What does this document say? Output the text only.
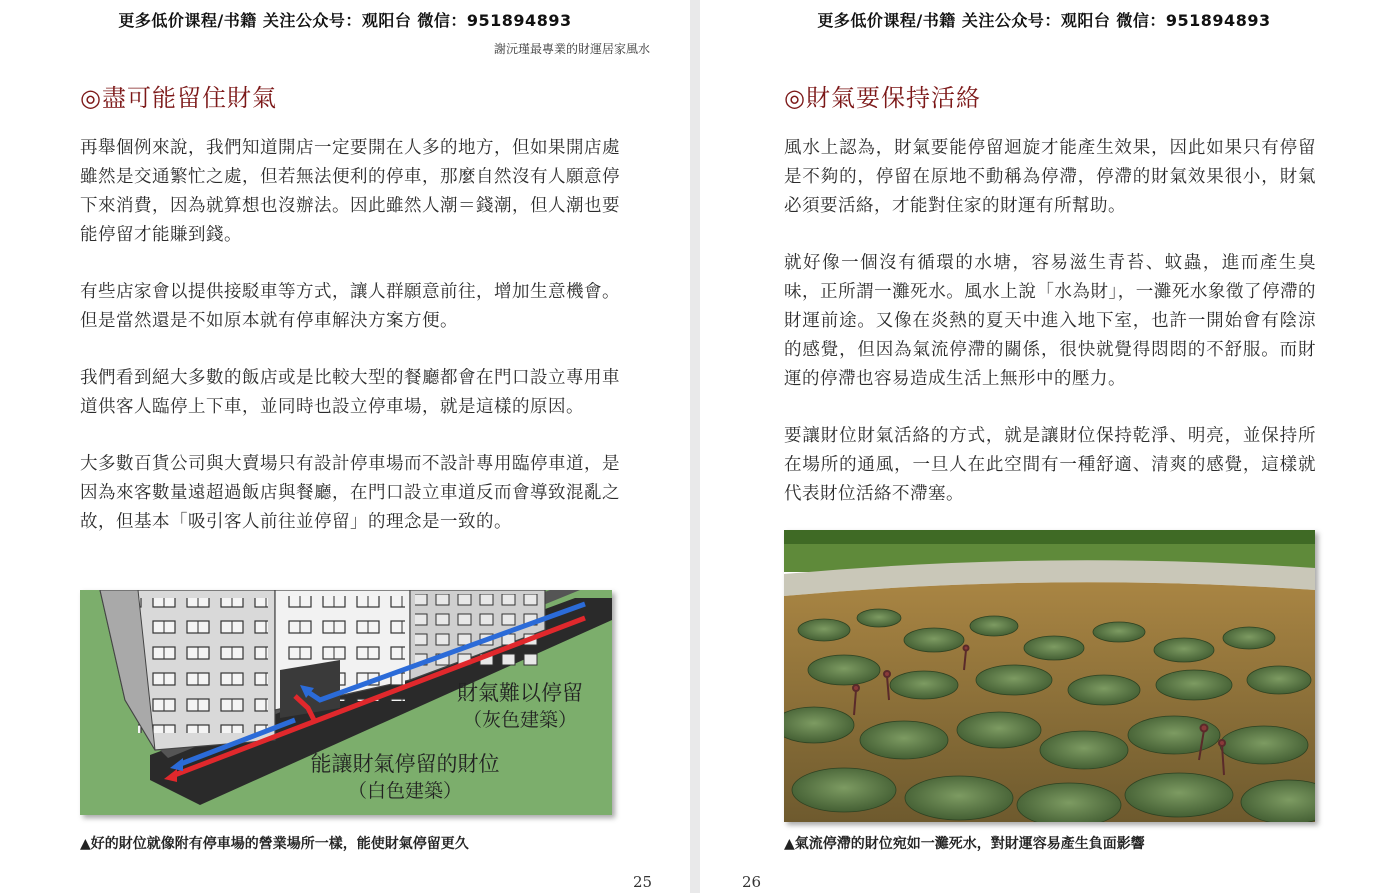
更多低价课程/书籍 关注公众号：观阳台 微信：951894893
謝沅瑾最專業的財運居家風水
◎盡可能留住財氣

再舉個例來說，我們知道開店一定要開在人多的地方，但如果開店處雖然是交通繁忙之處，但若無法便利的停車，那麼自然沒有人願意停下來消費，因為就算想也沒辦法。因此雖然人潮＝錢潮，但人潮也要能停留才能賺到錢。

有些店家會以提供接駁車等方式，讓人群願意前往，增加生意機會。但是當然還是不如原本就有停車解決方案方便。

我們看到絕大多數的飯店或是比較大型的餐廳都會在門口設立專用車道供客人臨停上下車，並同時也設立停車場，就是這樣的原因。

大多數百貨公司與大賣場只有設計停車場而不設計專用臨停車道，是因為來客數量遠超過飯店與餐廳，在門口設立車道反而會導致混亂之故，但基本「吸引客人前往並停留」的理念是一致的。

財氣難以停留
（灰色建築）
能讓財氣停留的財位
（白色建築）
▲好的財位就像附有停車場的營業場所一樣，能使財氣停留更久
25
更多低价课程/书籍 关注公众号：观阳台 微信：951894893
◎財氣要保持活絡

風水上認為，財氣要能停留迴旋才能產生效果，因此如果只有停留是不夠的，停留在原地不動稱為停滯，停滯的財氣效果很小，財氣必須要活絡，才能對住家的財運有所幫助。

就好像一個沒有循環的水塘，容易滋生青苔、蚊蟲，進而產生臭味，正所謂一灘死水。風水上說「水為財」，一灘死水象徵了停滯的財運前途。又像在炎熱的夏天中進入地下室，也許一開始會有陰涼的感覺，但因為氣流停滯的關係，很快就覺得悶悶的不舒服。而財運的停滯也容易造成生活上無形中的壓力。

要讓財位財氣活絡的方式，就是讓財位保持乾淨、明亮，並保持所在場所的通風，一旦人在此空間有一種舒適、清爽的感覺，這樣就代表財位活絡不滯塞。

▲氣流停滯的財位宛如一灘死水，對財運容易產生負面影響
26
